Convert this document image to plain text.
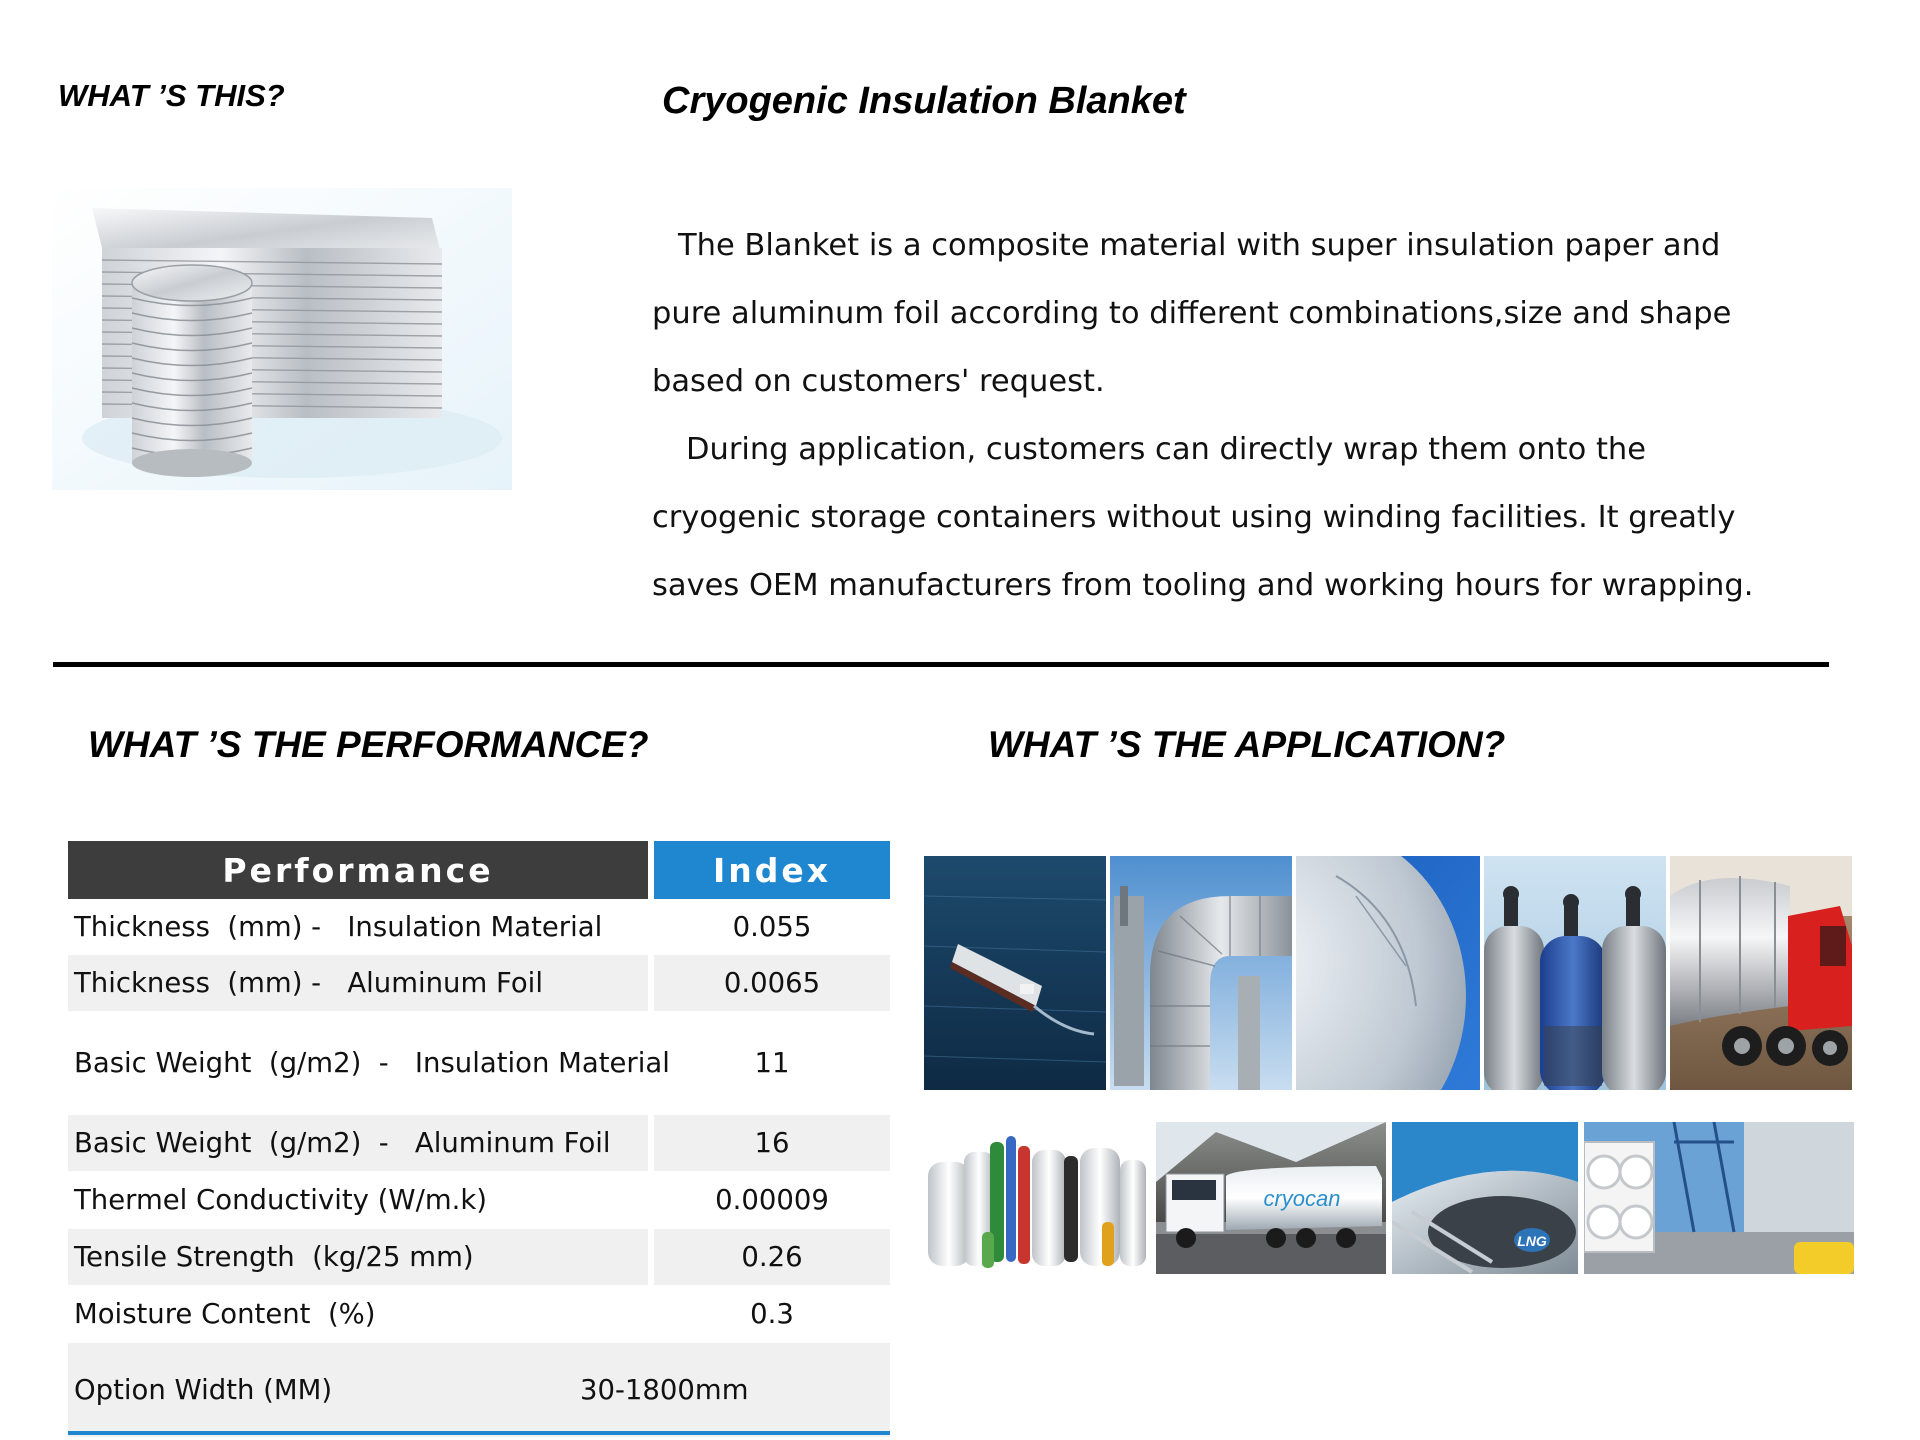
WHAT ’S THIS?	Cryogenic Insulation Blanket

The Blanket is a composite material with super insulation paper and

pure aluminum foil according to different combinations,size and shape

based on customers' request.

During application, customers can directly wrap them onto the

cryogenic storage containers without using winding facilities. It greatly

saves OEM manufacturers from tooling and working hours for wrapping.

WHAT ’S THE PERFORMANCE?	WHAT ’S THE APPLICATION?
Performance	Index
Thickness  (mm) -   Insulation Material	0.055
Thickness  (mm) -   Aluminum Foil	0.0065
Basic Weight  (g/m2)  -   Insulation Material	11
Basic Weight  (g/m2)  -   Aluminum Foil	16
Thermel Conductivity (W/m.k)	0.00009
Tensile Strength  (kg/25 mm)	0.26
Moisture Content  (%)	0.3
Option Width (MM)	30-1800mm
cryocan
LNG
